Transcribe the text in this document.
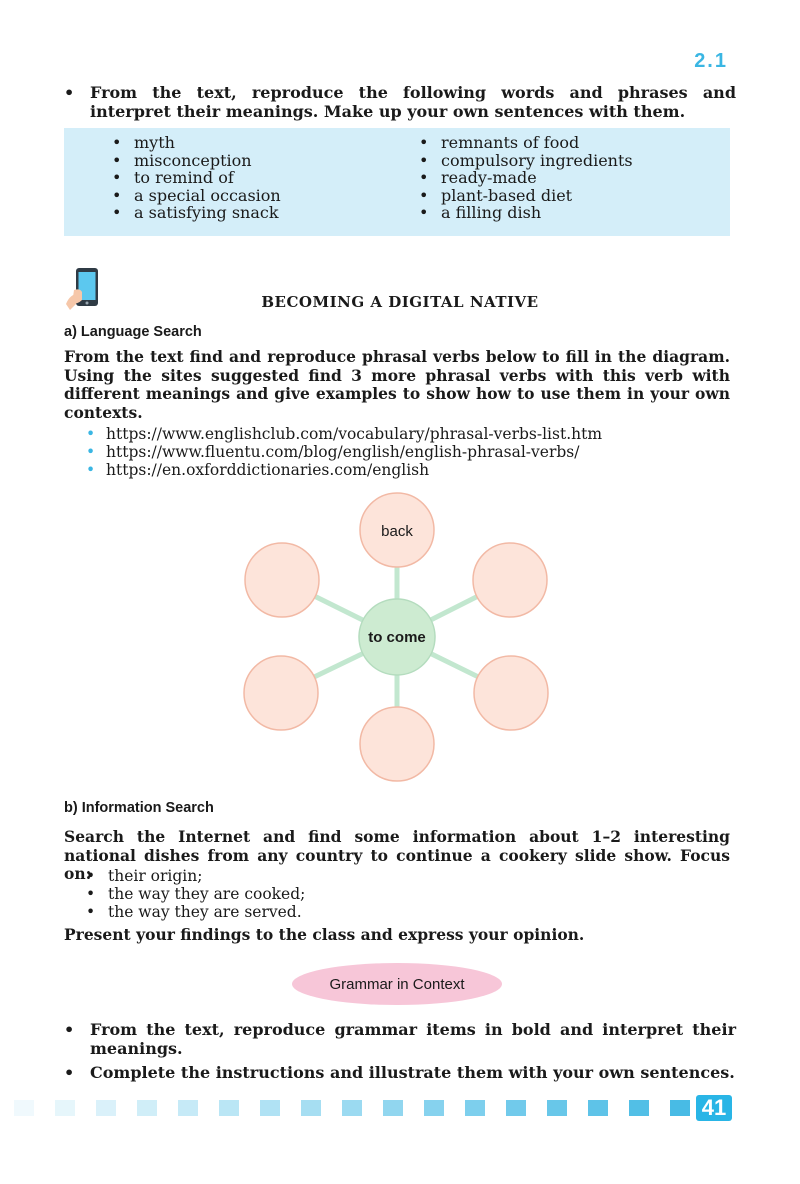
2.1
• From the text, reproduce the following words and phrases and interpret their meanings. Make up your own sentences with them.
• myth
• misconception
• to remind of
• a special occasion
• a satisfying snack
• remnants of food
• compulsory ingredients
• ready-made
• plant-based diet
• a filling dish
BECOMING A DIGITAL NATIVE
a) Language Search
From the text find and reproduce phrasal verbs below to fill in the diagram. Using the sites suggested find 3 more phrasal verbs with this verb with different meanings and give examples to show how to use them in your own contexts.
• https://www.englishclub.com/vocabulary/phrasal-verbs-list.htm
• https://www.fluentu.com/blog/english/english-phrasal-verbs/
• https://en.oxforddictionaries.com/english
back
to come
b) Information Search
Search the Internet and find some information about 1–2 interesting national dishes from any country to continue a cookery slide show. Focus on:
•	their origin;
• the way they are cooked;
• the way they are served.
Present your findings to the class and express your opinion.
Grammar in Context
• From the text, reproduce grammar items in bold and interpret their meanings.
• Complete the instructions and illustrate them with your own sentences.
41
